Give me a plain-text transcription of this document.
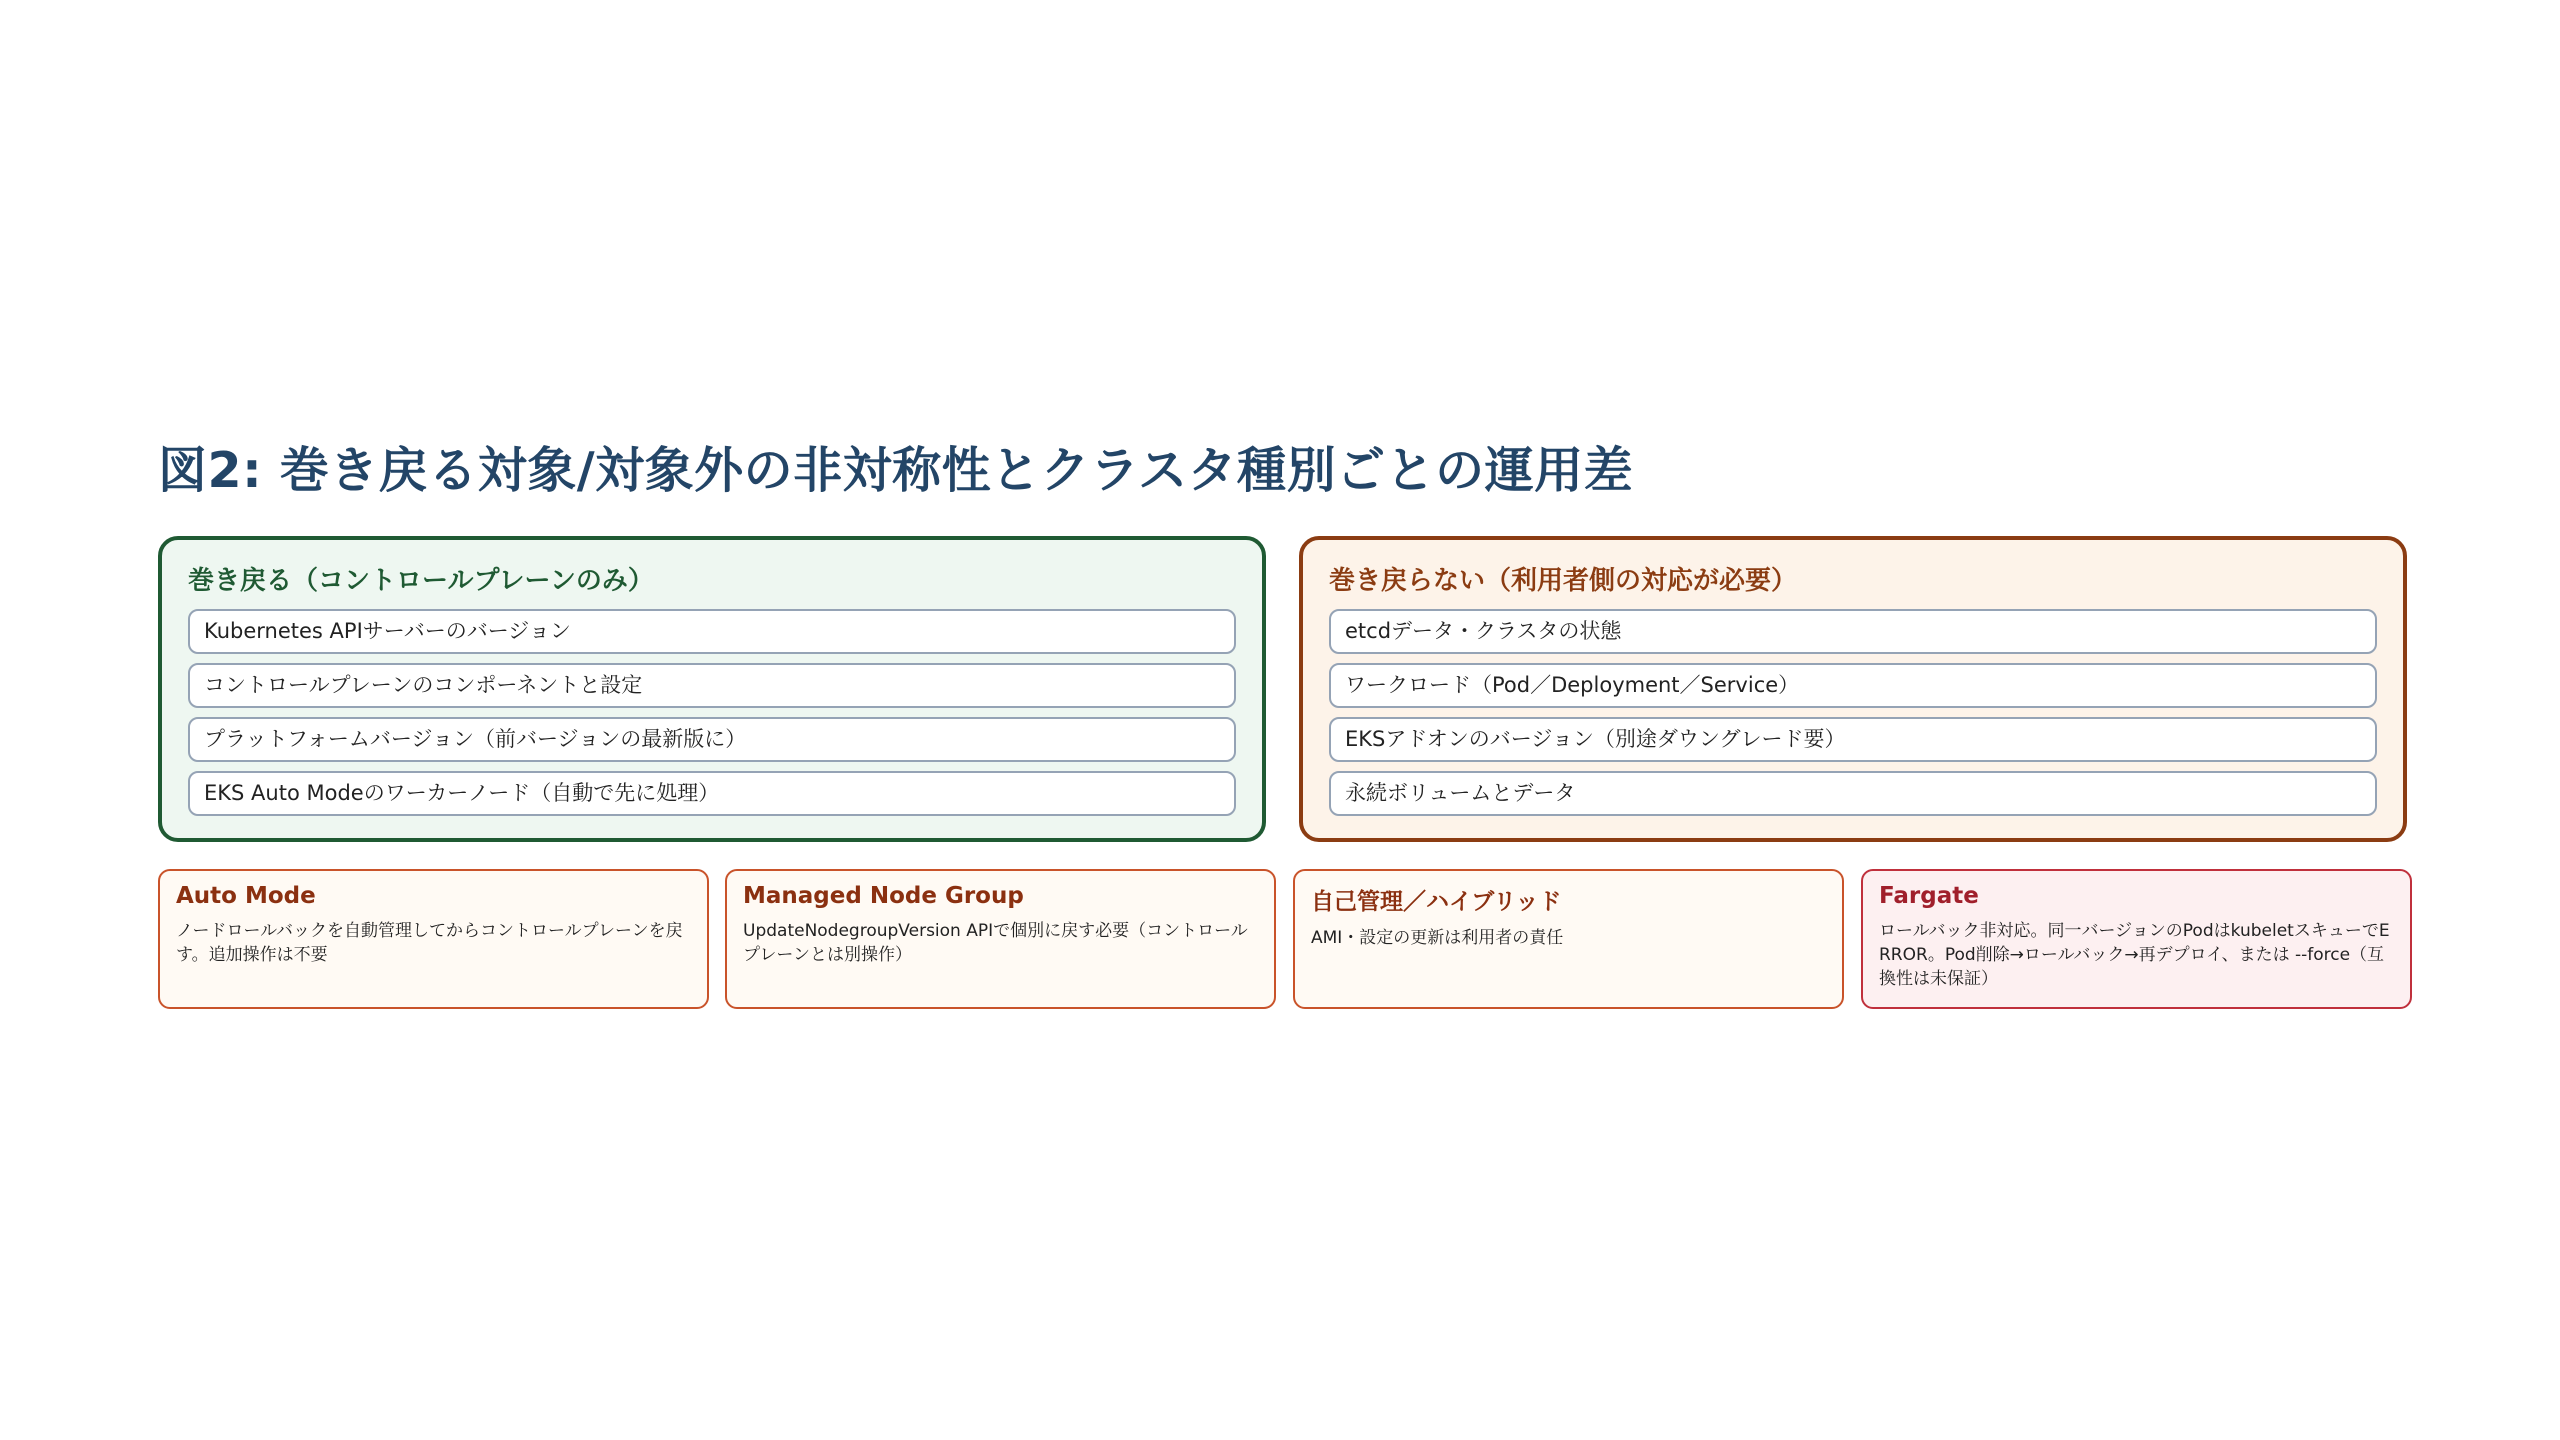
図2: 巻き戻る対象/対象外の非対称性とクラスタ種別ごとの運用差
巻き戻る（コントロールプレーンのみ）
Kubernetes APIサーバーのバージョン
コントロールプレーンのコンポーネントと設定
プラットフォームバージョン（前バージョンの最新版に）
EKS Auto Modeのワーカーノード（自動で先に処理）
巻き戻らない（利用者側の対応が必要）
etcdデータ・クラスタの状態
ワークロード（Pod／Deployment／Service）
EKSアドオンのバージョン（別途ダウングレード要）
永続ボリュームとデータ
Auto Mode

ノードロールバックを自動管理してからコントロールプレーンを戻す。追加操作は不要

Managed Node Group

UpdateNodegroupVersion APIで個別に戻す必要（コントロールプレーンとは別操作）

自己管理／ハイブリッド

AMI・設定の更新は利用者の責任

Fargate

ロールバック非対応。同一バージョンのPodはkubeletスキューでERROR。Pod削除→ロールバック→再デプロイ、または --force（互換性は未保証）
